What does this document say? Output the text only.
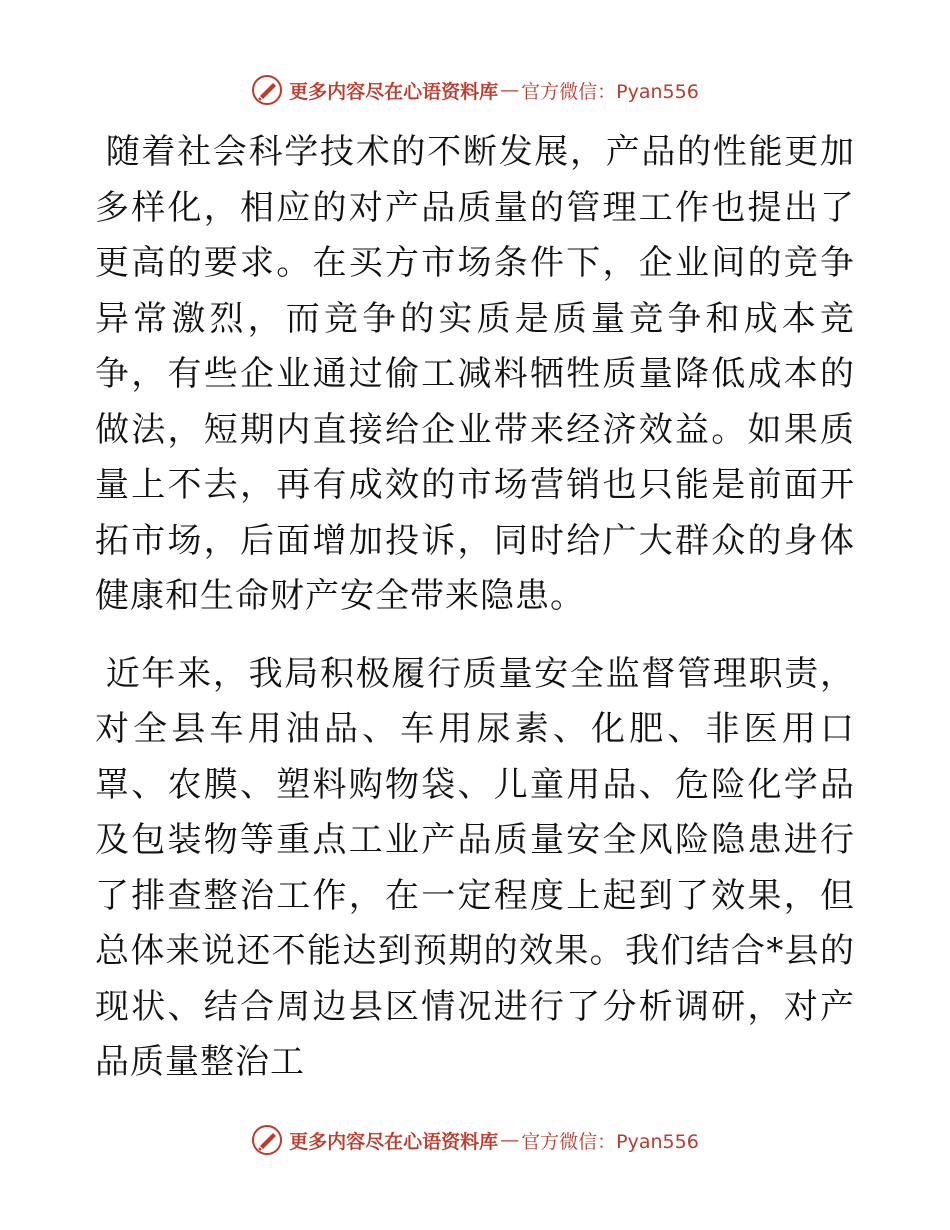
更多内容尽在心语资料库 — 官方微信：Pyan556

随着社会科学技术的不断发展，产品的性能更加多样化，相应的对产品质量的管理工作也提出了更高的要求。在买方市场条件下，企业间的竞争异常激烈，而竞争的实质是质量竞争和成本竞争，有些企业通过偷工减料牺牲质量降低成本的做法，短期内直接给企业带来经济效益。如果质量上不去，再有成效的市场营销也只能是前面开拓市场，后面增加投诉，同时给广大群众的身体健康和生命财产安全带来隐患。

近年来，我局积极履行质量安全监督管理职责，对全县车用油品、车用尿素、化肥、非医用口罩、农膜、塑料购物袋、儿童用品、危险化学品及包装物等重点工业产品质量安全风险隐患进行了排查整治工作，在一定程度上起到了效果，但总体来说还不能达到预期的效果。我们结合*县的现状、结合周边县区情况进行了分析调研，对产品质量整治工

更多内容尽在心语资料库 — 官方微信：Pyan556
